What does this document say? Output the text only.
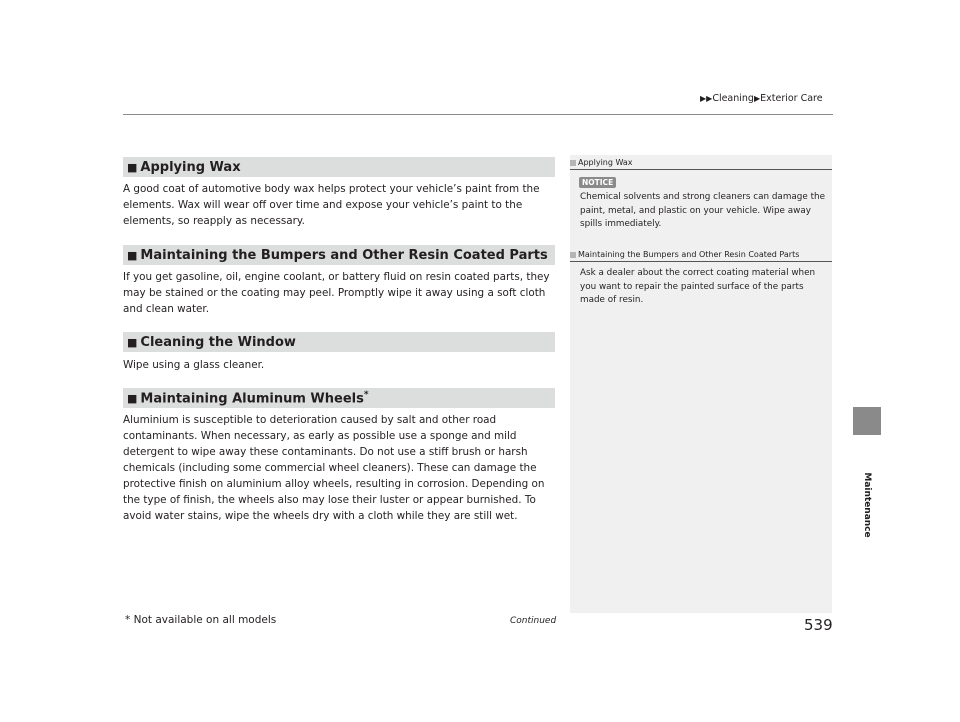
▶▶Cleaning▶Exterior Care
■ Applying Wax

A good coat of automotive body wax helps protect your vehicle’s paint from the elements. Wax will wear off over time and expose your vehicle’s paint to the elements, so reapply as necessary.

■ Maintaining the Bumpers and Other Resin Coated Parts

If you get gasoline, oil, engine coolant, or battery fluid on resin coated parts, they may be stained or the coating may peel. Promptly wipe it away using a soft cloth and clean water.

■ Cleaning the Window

Wipe using a glass cleaner.

■ Maintaining Aluminum Wheels*

Aluminium is susceptible to deterioration caused by salt and other road contaminants. When necessary, as early as possible use a sponge and mild detergent to wipe away these contaminants. Do not use a stiff brush or harsh chemicals (including some commercial wheel cleaners). These can damage the protective finish on aluminium alloy wheels, resulting in corrosion. Depending on the type of finish, the wheels also may lose their luster or appear burnished. To avoid water stains, wipe the wheels dry with a cloth while they are still wet.

Applying Wax
NOTICE

Chemical solvents and strong cleaners can damage the paint, metal, and plastic on your vehicle. Wipe away spills immediately.

Maintaining the Bumpers and Other Resin Coated Parts

Ask a dealer about the correct coating material when you want to repair the painted surface of the parts made of resin.

Maintenance
* Not available on all models	Continued	539
